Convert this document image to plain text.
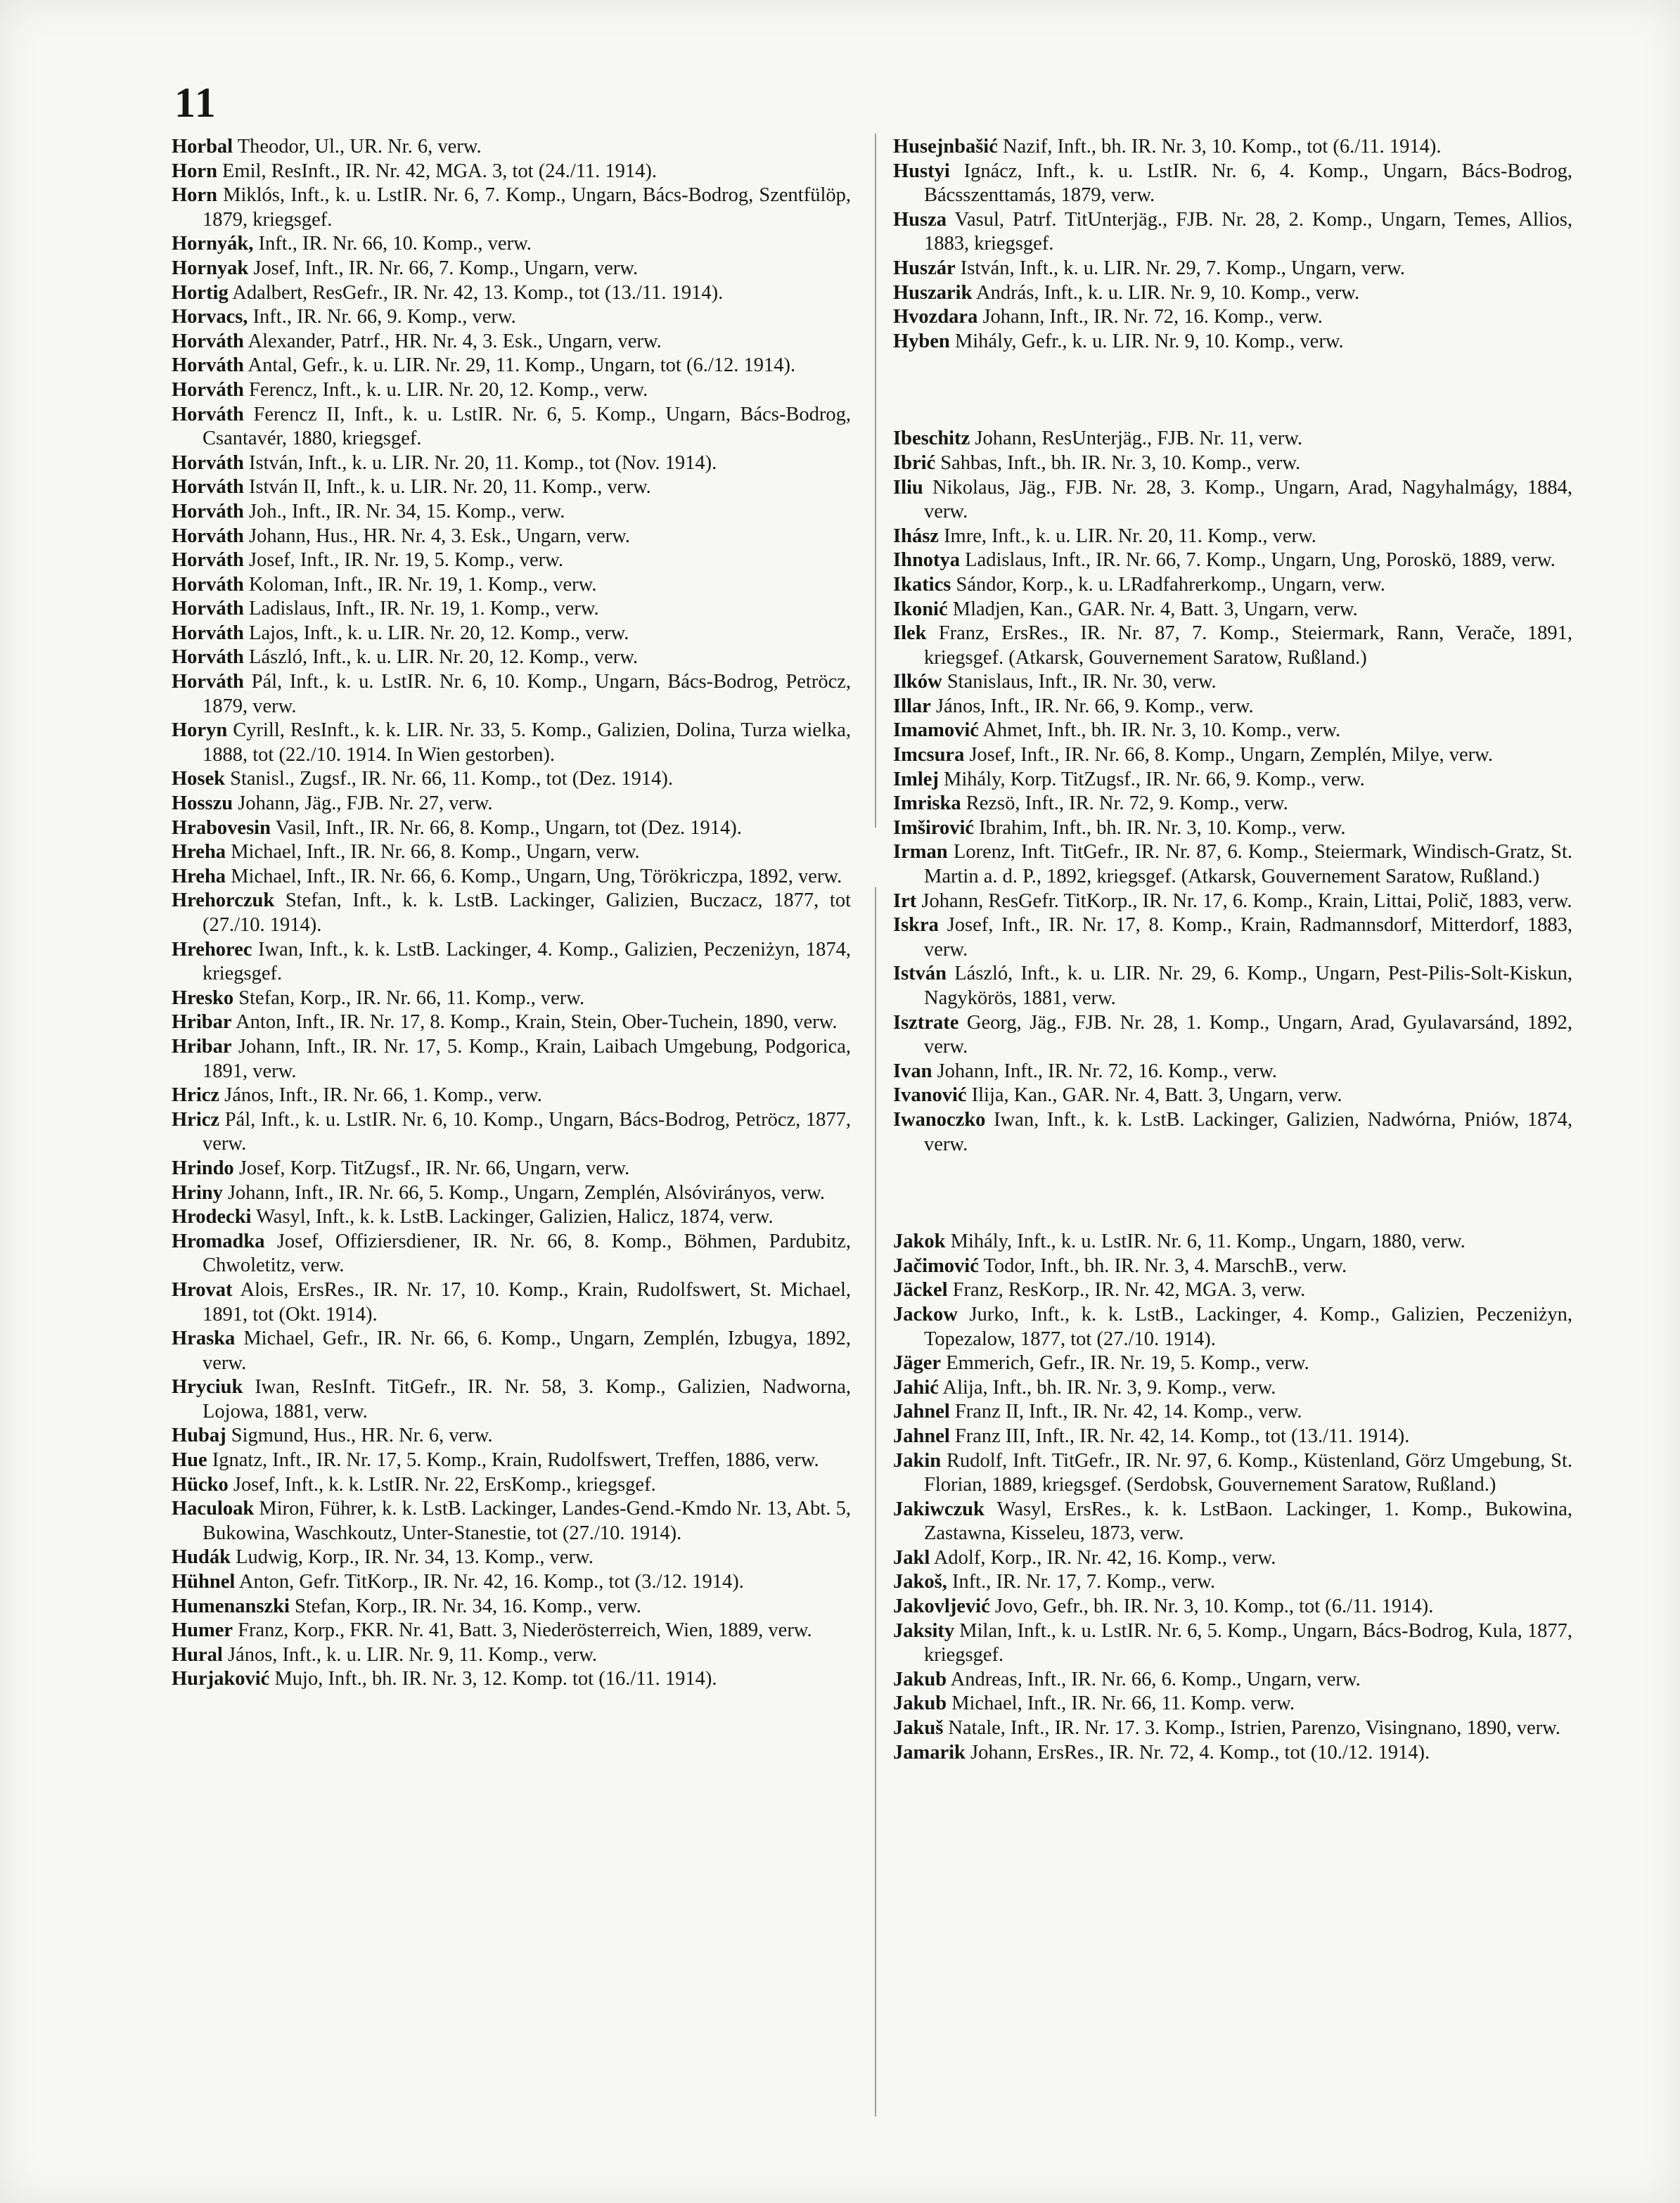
11

Horbal Theodor, Ul., UR. Nr. 6, verw.

Horn Emil, ResInft., IR. Nr. 42, MGA. 3, tot (24./11. 1914).

Horn Miklós, Inft., k. u. LstIR. Nr. 6, 7. Komp., Ungarn, Bács-Bodrog, Szentfülöp, 1879, kriegsgef.

Hornyák, Inft., IR. Nr. 66, 10. Komp., verw.

Hornyak Josef, Inft., IR. Nr. 66, 7. Komp., Ungarn, verw.

Hortig Adalbert, ResGefr., IR. Nr. 42, 13. Komp., tot (13./11. 1914).

Horvacs, Inft., IR. Nr. 66, 9. Komp., verw.

Horváth Alexander, Patrf., HR. Nr. 4, 3. Esk., Ungarn, verw.

Horváth Antal, Gefr., k. u. LIR. Nr. 29, 11. Komp., Ungarn, tot (6./12. 1914).

Horváth Ferencz, Inft., k. u. LIR. Nr. 20, 12. Komp., verw.

Horváth Ferencz II, Inft., k. u. LstIR. Nr. 6, 5. Komp., Ungarn, Bács-Bodrog, Csantavér, 1880, kriegsgef.

Horváth István, Inft., k. u. LIR. Nr. 20, 11. Komp., tot (Nov. 1914).

Horváth István II, Inft., k. u. LIR. Nr. 20, 11. Komp., verw.

Horváth Joh., Inft., IR. Nr. 34, 15. Komp., verw.

Horváth Johann, Hus., HR. Nr. 4, 3. Esk., Ungarn, verw.

Horváth Josef, Inft., IR. Nr. 19, 5. Komp., verw.

Horváth Koloman, Inft., IR. Nr. 19, 1. Komp., verw.

Horváth Ladislaus, Inft., IR. Nr. 19, 1. Komp., verw.

Horváth Lajos, Inft., k. u. LIR. Nr. 20, 12. Komp., verw.

Horváth László, Inft., k. u. LIR. Nr. 20, 12. Komp., verw.

Horváth Pál, Inft., k. u. LstIR. Nr. 6, 10. Komp., Ungarn, Bács-Bodrog, Petröcz, 1879, verw.

Horyn Cyrill, ResInft., k. k. LIR. Nr. 33, 5. Komp., Galizien, Dolina, Turza wielka, 1888, tot (22./10. 1914. In Wien gestorben).

Hosek Stanisl., Zugsf., IR. Nr. 66, 11. Komp., tot (Dez. 1914).

Hosszu Johann, Jäg., FJB. Nr. 27, verw.

Hrabovesin Vasil, Inft., IR. Nr. 66, 8. Komp., Ungarn, tot (Dez. 1914).

Hreha Michael, Inft., IR. Nr. 66, 8. Komp., Ungarn, verw.

Hreha Michael, Inft., IR. Nr. 66, 6. Komp., Ungarn, Ung, Törökriczpa, 1892, verw.

Hrehorczuk Stefan, Inft., k. k. LstB. Lackinger, Galizien, Buczacz, 1877, tot (27./10. 1914).

Hrehorec Iwan, Inft., k. k. LstB. Lackinger, 4. Komp., Galizien, Peczeniżyn, 1874, kriegsgef.

Hresko Stefan, Korp., IR. Nr. 66, 11. Komp., verw.

Hribar Anton, Inft., IR. Nr. 17, 8. Komp., Krain, Stein, Ober-Tuchein, 1890, verw.

Hribar Johann, Inft., IR. Nr. 17, 5. Komp., Krain, Laibach Umgebung, Podgorica, 1891, verw.

Hricz János, Inft., IR. Nr. 66, 1. Komp., verw.

Hricz Pál, Inft., k. u. LstIR. Nr. 6, 10. Komp., Ungarn, Bács-Bodrog, Petröcz, 1877, verw.

Hrindo Josef, Korp. TitZugsf., IR. Nr. 66, Ungarn, verw.

Hriny Johann, Inft., IR. Nr. 66, 5. Komp., Ungarn, Zemplén, Alsóvirányos, verw.

Hrodecki Wasyl, Inft., k. k. LstB. Lackinger, Galizien, Halicz, 1874, verw.

Hromadka Josef, Offiziersdiener, IR. Nr. 66, 8. Komp., Böhmen, Pardubitz, Chwoletitz, verw.

Hrovat Alois, ErsRes., IR. Nr. 17, 10. Komp., Krain, Rudolfswert, St. Michael, 1891, tot (Okt. 1914).

Hraska Michael, Gefr., IR. Nr. 66, 6. Komp., Ungarn, Zemplén, Izbugya, 1892, verw.

Hryciuk Iwan, ResInft. TitGefr., IR. Nr. 58, 3. Komp., Galizien, Nadworna, Lojowa, 1881, verw.

Hubaj Sigmund, Hus., HR. Nr. 6, verw.

Hue Ignatz, Inft., IR. Nr. 17, 5. Komp., Krain, Rudolfswert, Treffen, 1886, verw.

Hücko Josef, Inft., k. k. LstIR. Nr. 22, ErsKomp., kriegsgef.

Haculoak Miron, Führer, k. k. LstB. Lackinger, Landes-Gend.-Kmdo Nr. 13, Abt. 5, Bukowina, Waschkoutz, Unter-Stanestie, tot (27./10. 1914).

Hudák Ludwig, Korp., IR. Nr. 34, 13. Komp., verw.

Hühnel Anton, Gefr. TitKorp., IR. Nr. 42, 16. Komp., tot (3./12. 1914).

Humenanszki Stefan, Korp., IR. Nr. 34, 16. Komp., verw.

Humer Franz, Korp., FKR. Nr. 41, Batt. 3, Niederösterreich, Wien, 1889, verw.

Hural János, Inft., k. u. LIR. Nr. 9, 11. Komp., verw.

Hurjaković Mujo, Inft., bh. IR. Nr. 3, 12. Komp. tot (16./11. 1914).

Husejnbašić Nazif, Inft., bh. IR. Nr. 3, 10. Komp., tot (6./11. 1914).

Hustyi Ignácz, Inft., k. u. LstIR. Nr. 6, 4. Komp., Ungarn, Bács-Bodrog, Bácsszenttamás, 1879, verw.

Husza Vasul, Patrf. TitUnterjäg., FJB. Nr. 28, 2. Komp., Ungarn, Temes, Allios, 1883, kriegsgef.

Huszár István, Inft., k. u. LIR. Nr. 29, 7. Komp., Ungarn, verw.

Huszarik András, Inft., k. u. LIR. Nr. 9, 10. Komp., verw.

Hvozdara Johann, Inft., IR. Nr. 72, 16. Komp., verw.

Hyben Mihály, Gefr., k. u. LIR. Nr. 9, 10. Komp., verw.

Ibeschitz Johann, ResUnterjäg., FJB. Nr. 11, verw.

Ibrić Sahbas, Inft., bh. IR. Nr. 3, 10. Komp., verw.

Iliu Nikolaus, Jäg., FJB. Nr. 28, 3. Komp., Ungarn, Arad, Nagyhalmágy, 1884, verw.

Ihász Imre, Inft., k. u. LIR. Nr. 20, 11. Komp., verw.

Ihnotya Ladislaus, Inft., IR. Nr. 66, 7. Komp., Ungarn, Ung, Poroskö, 1889, verw.

Ikatics Sándor, Korp., k. u. LRadfahrerkomp., Ungarn, verw.

Ikonić Mladjen, Kan., GAR. Nr. 4, Batt. 3, Ungarn, verw.

Ilek Franz, ErsRes., IR. Nr. 87, 7. Komp., Steiermark, Rann, Verače, 1891, kriegsgef. (Atkarsk, Gouvernement Saratow, Rußland.)

Ilków Stanislaus, Inft., IR. Nr. 30, verw.

Illar János, Inft., IR. Nr. 66, 9. Komp., verw.

Imamović Ahmet, Inft., bh. IR. Nr. 3, 10. Komp., verw.

Imcsura Josef, Inft., IR. Nr. 66, 8. Komp., Ungarn, Zemplén, Milye, verw.

Imlej Mihály, Korp. TitZugsf., IR. Nr. 66, 9. Komp., verw.

Imriska Rezsö, Inft., IR. Nr. 72, 9. Komp., verw.

Imširović Ibrahim, Inft., bh. IR. Nr. 3, 10. Komp., verw.

Irman Lorenz, Inft. TitGefr., IR. Nr. 87, 6. Komp., Steiermark, Windisch-Gratz, St. Martin a. d. P., 1892, kriegsgef. (Atkarsk, Gouvernement Saratow, Rußland.)

Irt Johann, ResGefr. TitKorp., IR. Nr. 17, 6. Komp., Krain, Littai, Polič, 1883, verw.

Iskra Josef, Inft., IR. Nr. 17, 8. Komp., Krain, Radmannsdorf, Mitterdorf, 1883, verw.

István László, Inft., k. u. LIR. Nr. 29, 6. Komp., Ungarn, Pest-Pilis-Solt-Kiskun, Nagykörös, 1881, verw.

Isztrate Georg, Jäg., FJB. Nr. 28, 1. Komp., Ungarn, Arad, Gyulavarsánd, 1892, verw.

Ivan Johann, Inft., IR. Nr. 72, 16. Komp., verw.

Ivanović Ilija, Kan., GAR. Nr. 4, Batt. 3, Ungarn, verw.

Iwanoczko Iwan, Inft., k. k. LstB. Lackinger, Galizien, Nadwórna, Pniów, 1874, verw.

Jakok Mihály, Inft., k. u. LstIR. Nr. 6, 11. Komp., Ungarn, 1880, verw.

Jačimović Todor, Inft., bh. IR. Nr. 3, 4. MarschB., verw.

Jäckel Franz, ResKorp., IR. Nr. 42, MGA. 3, verw.

Jackow Jurko, Inft., k. k. LstB., Lackinger, 4. Komp., Galizien, Peczeniżyn, Topezalow, 1877, tot (27./10. 1914).

Jäger Emmerich, Gefr., IR. Nr. 19, 5. Komp., verw.

Jahić Alija, Inft., bh. IR. Nr. 3, 9. Komp., verw.

Jahnel Franz II, Inft., IR. Nr. 42, 14. Komp., verw.

Jahnel Franz III, Inft., IR. Nr. 42, 14. Komp., tot (13./11. 1914).

Jakin Rudolf, Inft. TitGefr., IR. Nr. 97, 6. Komp., Küstenland, Görz Umgebung, St. Florian, 1889, kriegsgef. (Serdobsk, Gouvernement Saratow, Rußland.)

Jakiwczuk Wasyl, ErsRes., k. k. LstBaon. Lackinger, 1. Komp., Bukowina, Zastawna, Kisseleu, 1873, verw.

Jakl Adolf, Korp., IR. Nr. 42, 16. Komp., verw.

Jakoš, Inft., IR. Nr. 17, 7. Komp., verw.

Jakovljević Jovo, Gefr., bh. IR. Nr. 3, 10. Komp., tot (6./11. 1914).

Jaksity Milan, Inft., k. u. LstIR. Nr. 6, 5. Komp., Ungarn, Bács-Bodrog, Kula, 1877, kriegsgef.

Jakub Andreas, Inft., IR. Nr. 66, 6. Komp., Ungarn, verw.

Jakub Michael, Inft., IR. Nr. 66, 11. Komp. verw.

Jakuš Natale, Inft., IR. Nr. 17. 3. Komp., Istrien, Parenzo, Visingnano, 1890, verw.

Jamarik Johann, ErsRes., IR. Nr. 72, 4. Komp., tot (10./12. 1914).
